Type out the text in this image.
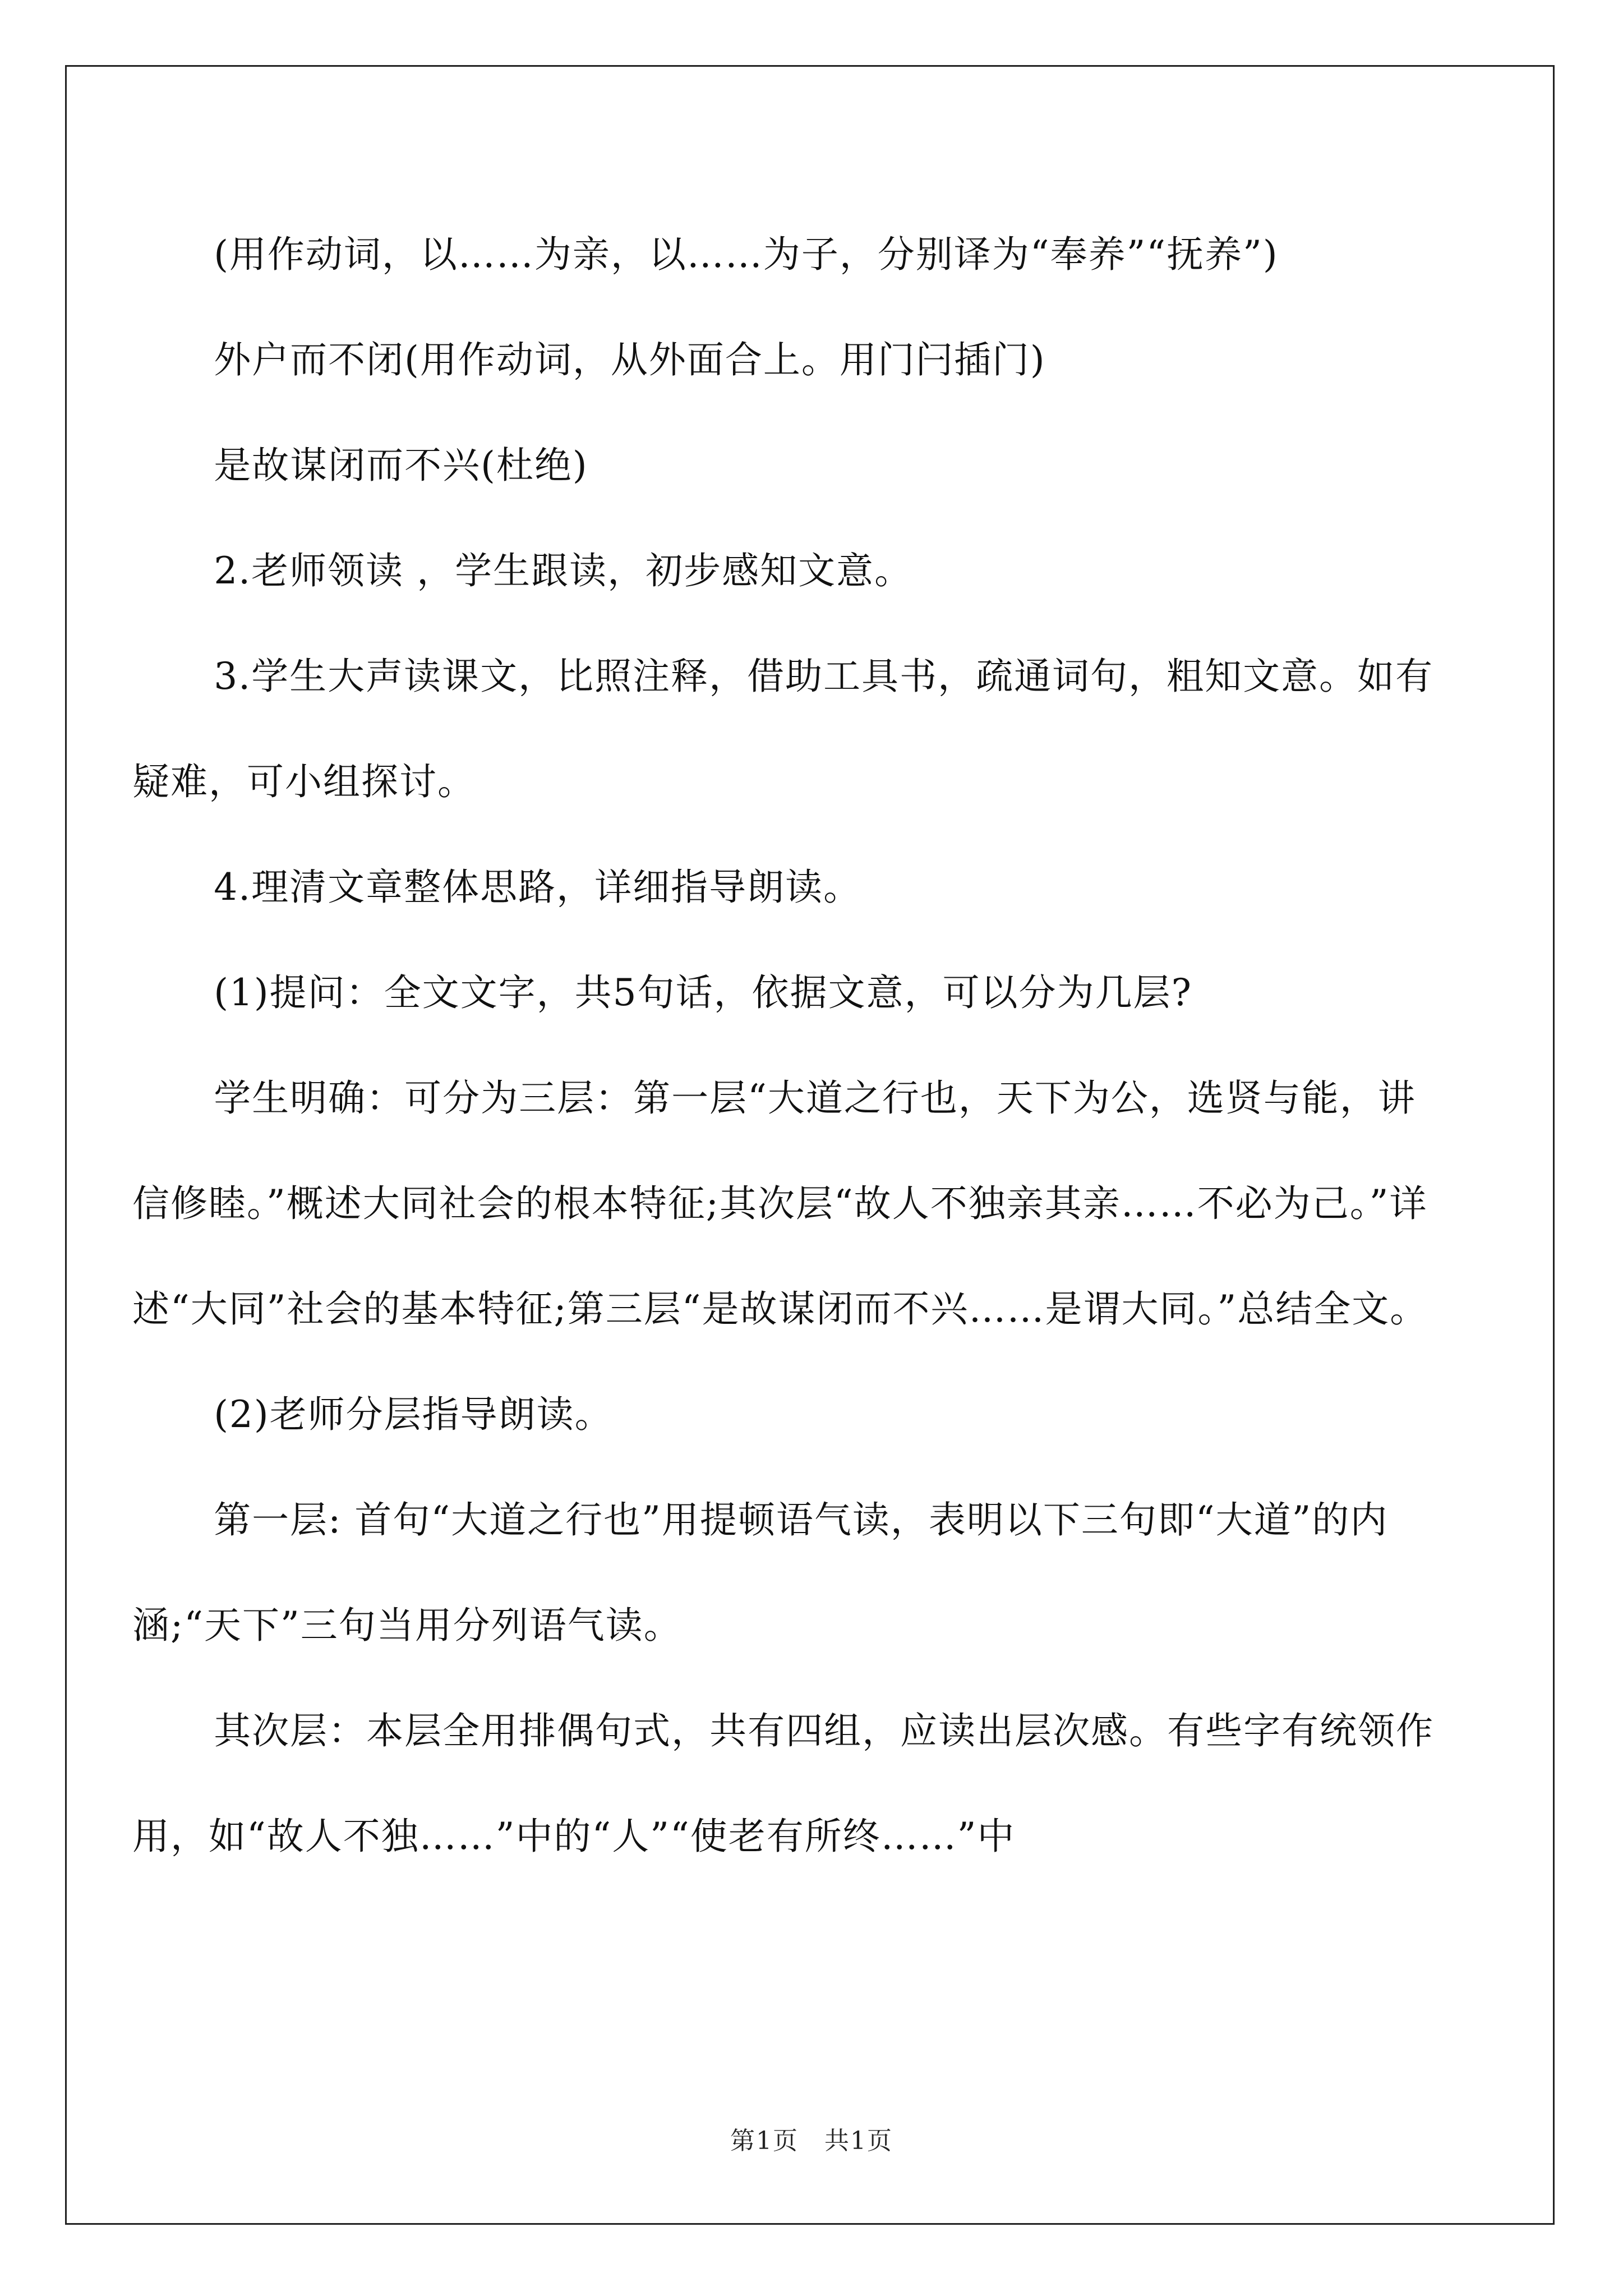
(用作动词，以……为亲，以……为子，分别译为“奉养”“抚养”)

外户而不闭(用作动词，从外面合上。用门闩插门)

是故谋闭而不兴(杜绝)

2.老师领读 ，学生跟读，初步感知文意。

3.学生大声读课文，比照注释，借助工具书，疏通词句，粗知文意。如有疑难，可小组探讨。

4.理清文章整体思路，详细指导朗读。

(1)提问：全文文字，共5句话，依据文意，可以分为几层?

学生明确：可分为三层：第一层“大道之行也，天下为公，选贤与能，讲信修睦。”概述大同社会的根本特征;其次层“故人不独亲其亲……不必为己。”详述“大同”社会的基本特征;第三层“是故谋闭而不兴……是谓大同。”总结全文。

(2)老师分层指导朗读。

第一层: 首句“大道之行也”用提顿语气读，表明以下三句即“大道”的内涵;“天下”三句当用分列语气读。

其次层：本层全用排偶句式，共有四组，应读出层次感。有些字有统领作用，如“故人不独……”中的“人”“使老有所终……”中

第1页　共1页
